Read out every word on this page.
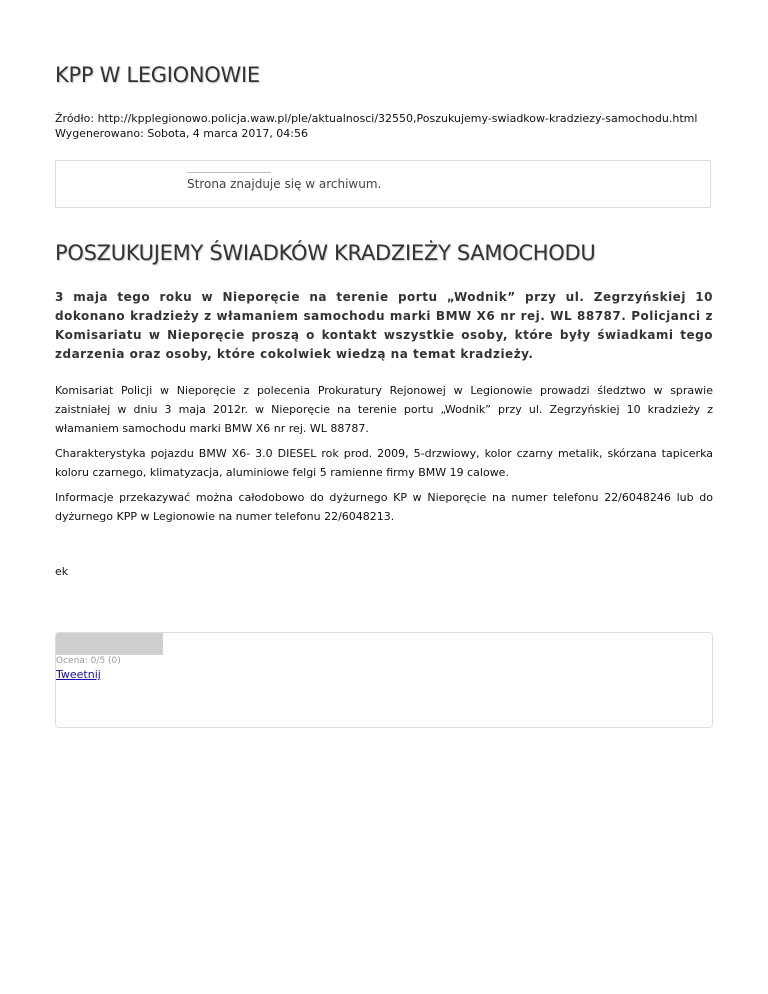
KPP W LEGIONOWIE
Źródło: http://kpplegionowo.policja.waw.pl/ple/aktualnosci/32550,Poszukujemy-swiadkow-kradziezy-samochodu.html
Wygenerowano: Sobota, 4 marca 2017, 04:56
Strona znajduje się w archiwum.
POSZUKUJEMY ŚWIADKÓW KRADZIEŻY SAMOCHODU

3 maja tego roku w Nieporęcie na terenie portu „Wodnik” przy ul. Zegrzyńskiej 10 dokonano kradzieży z włamaniem samochodu marki BMW X6 nr rej. WL 88787. Policjanci z Komisariatu w Nieporęcie proszą o kontakt wszystkie osoby, które były świadkami tego zdarzenia oraz osoby, które cokolwiek wiedzą na temat kradzieży.

Komisariat Policji w Nieporęcie z polecenia Prokuratury Rejonowej w Legionowie prowadzi śledztwo w sprawie zaistniałej w dniu 3 maja 2012r. w Nieporęcie na terenie portu „Wodnik” przy ul. Zegrzyńskiej 10 kradzieży z włamaniem samochodu marki BMW X6 nr rej. WL 88787.

Charakterystyka pojazdu BMW X6- 3.0 DIESEL rok prod. 2009, 5-drzwiowy, kolor czarny metalik, skórzana tapicerka koloru czarnego, klimatyzacja, aluminiowe felgi 5 ramienne firmy BMW 19 calowe.

Informacje przekazywać można całodobowo do dyżurnego KP w Nieporęcie na numer telefonu 22/6048246 lub do dyżurnego KPP w Legionowie na numer telefonu 22/6048213.

ek
Ocena: 0/5 (0)
Tweetnij
